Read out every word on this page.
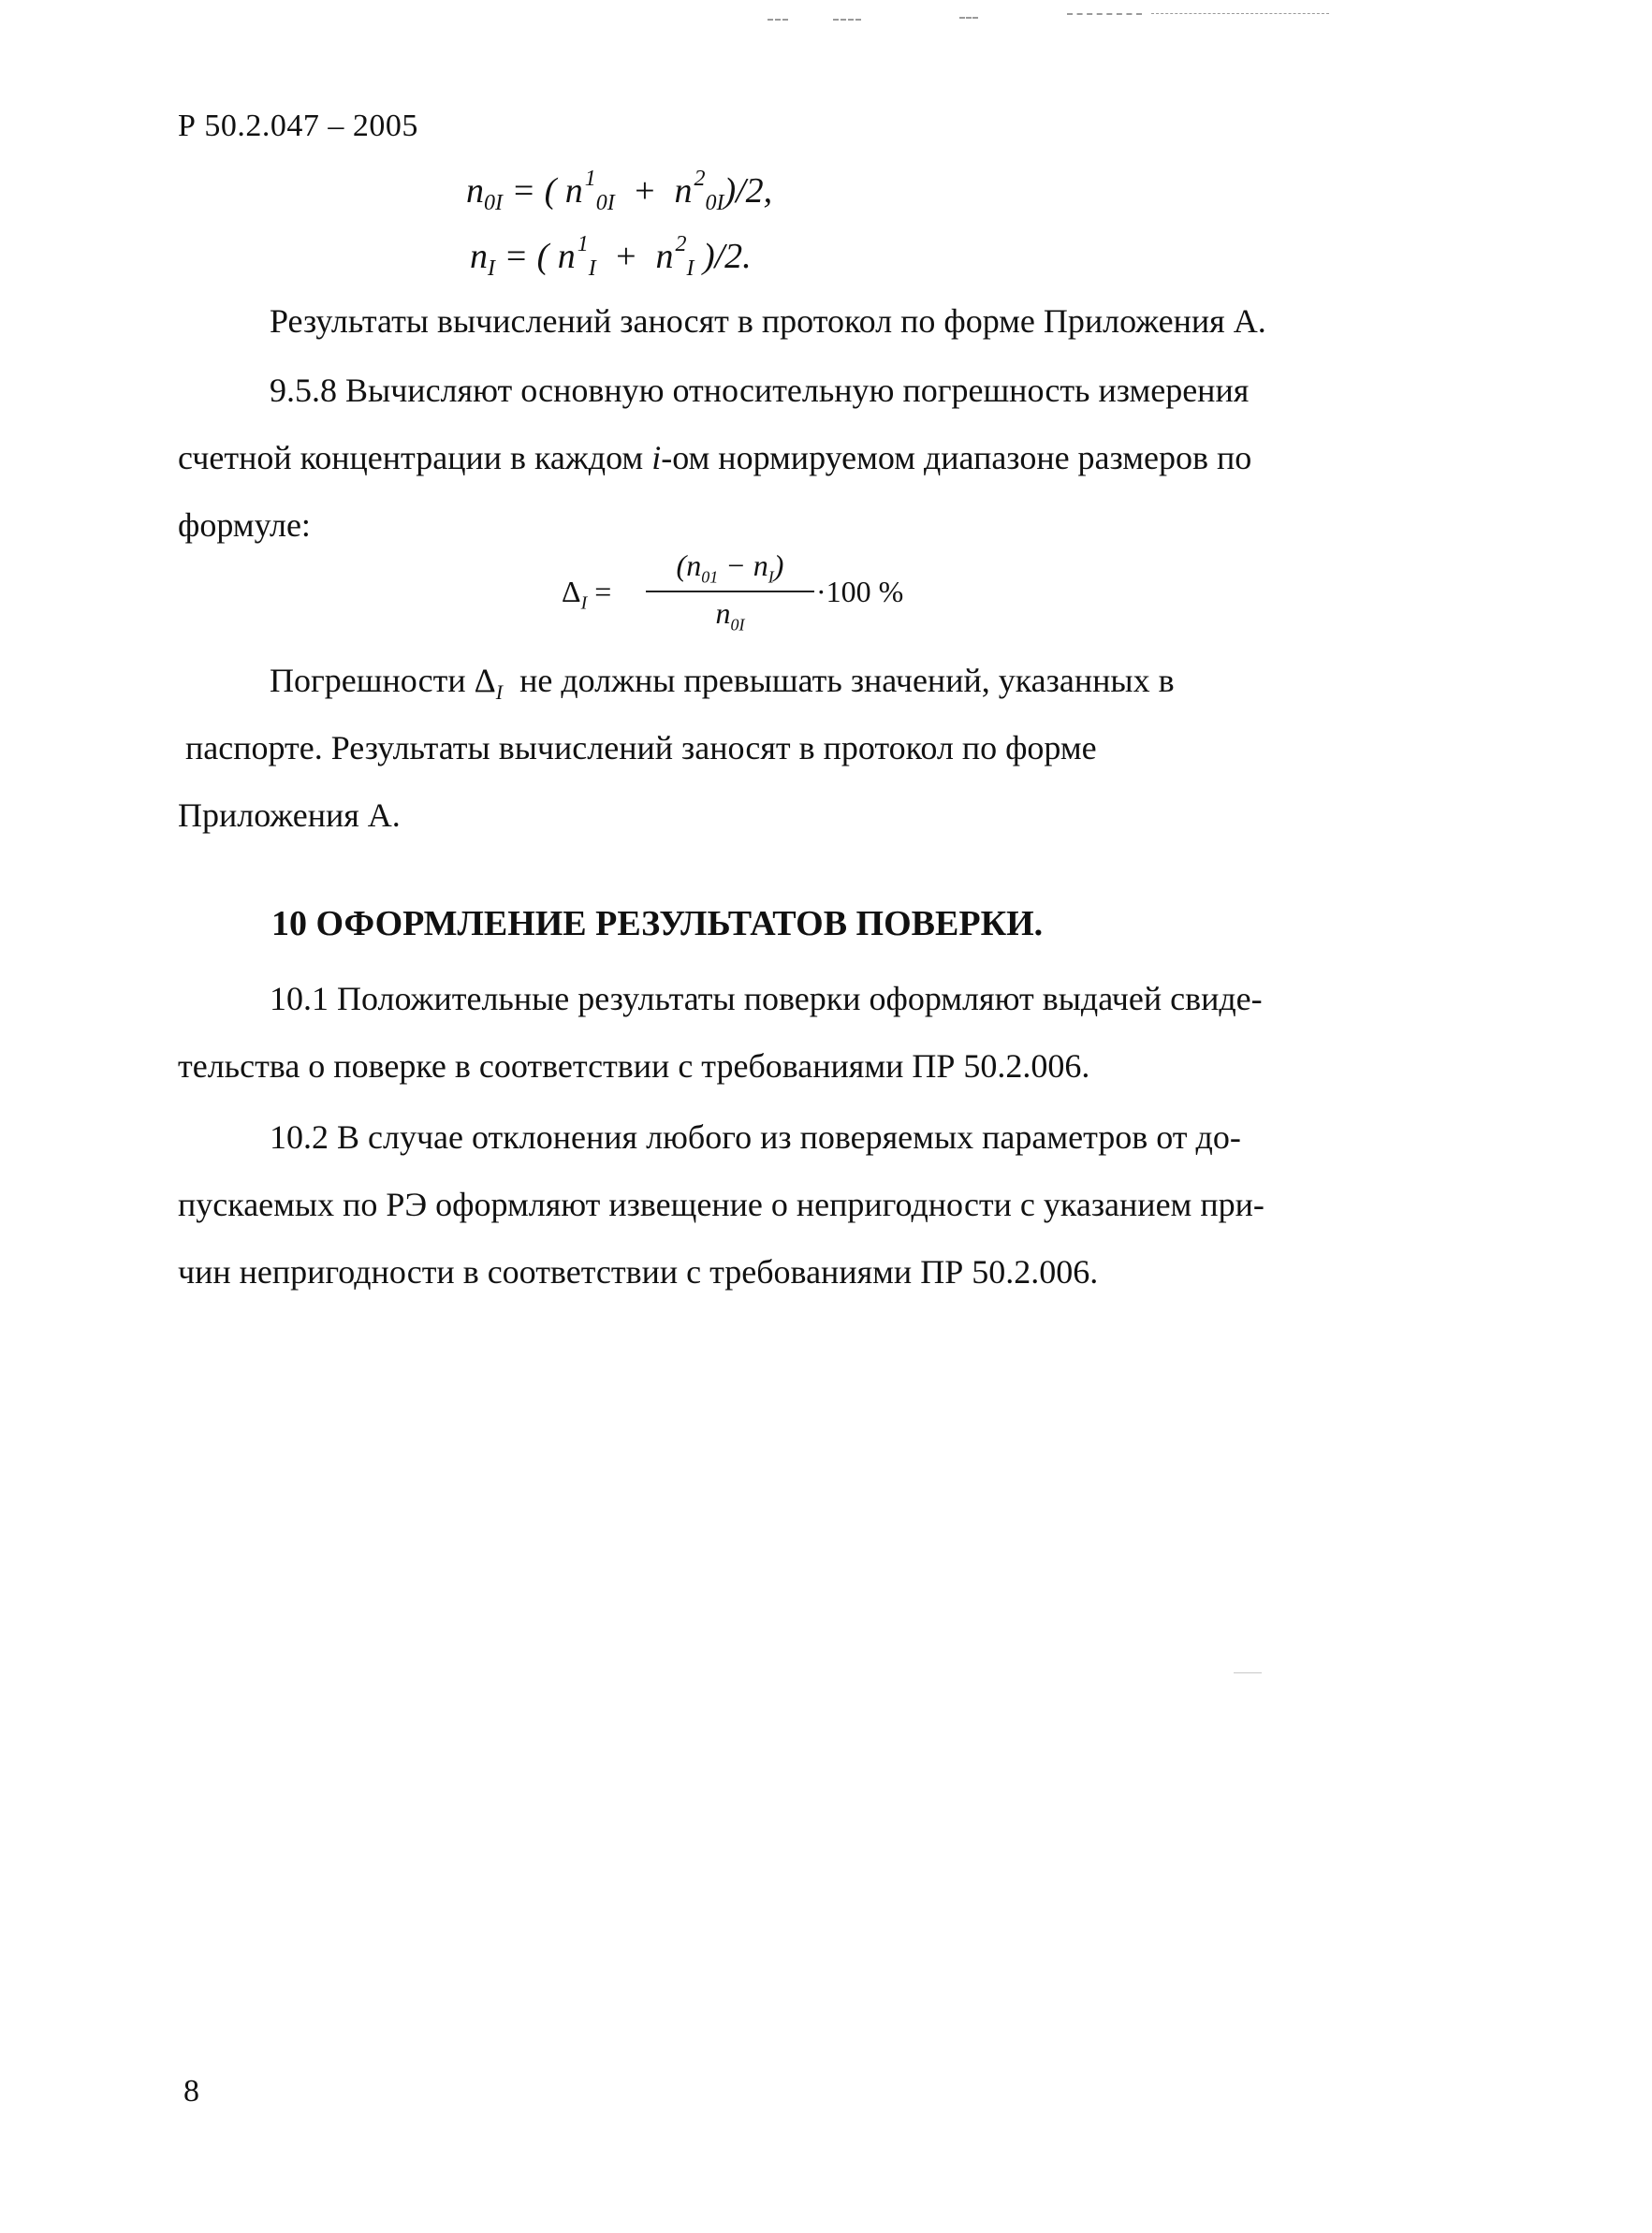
Р 50.2.047 – 2005
$n_{0I}$ = ( $n^1_{0I} + n^2_{0I})/2$,
$n_I$ = ( $n^1_I + n^2_I$ )/2.
Результаты вычислений заносят в протокол по форме Приложения А.
9.5.8 Вычисляют основную относительную погрешность измерения
счетной концентрации в каждом i-ом нормируемом диапазоне размеров по
формуле:
$\Delta_I = \frac{(n_{01} - n_I)}{n_{0I}} \cdot 100$ %
Погрешности $\Delta_I$  не должны превышать значений, указанных в
паспорте. Результаты вычислений заносят в протокол по форме
Приложения А.
10 ОФОРМЛЕНИЕ РЕЗУЛЬТАТОВ ПОВЕРКИ.
10.1 Положительные результаты поверки оформляют выдачей свиде-
тельства о поверке в соответствии с требованиями ПР 50.2.006.
10.2 В случае отклонения любого из поверяемых параметров от до-
пускаемых по РЭ оформляют извещение о непригодности с указанием при-
чин непригодности в соответствии с требованиями ПР 50.2.006.
8
